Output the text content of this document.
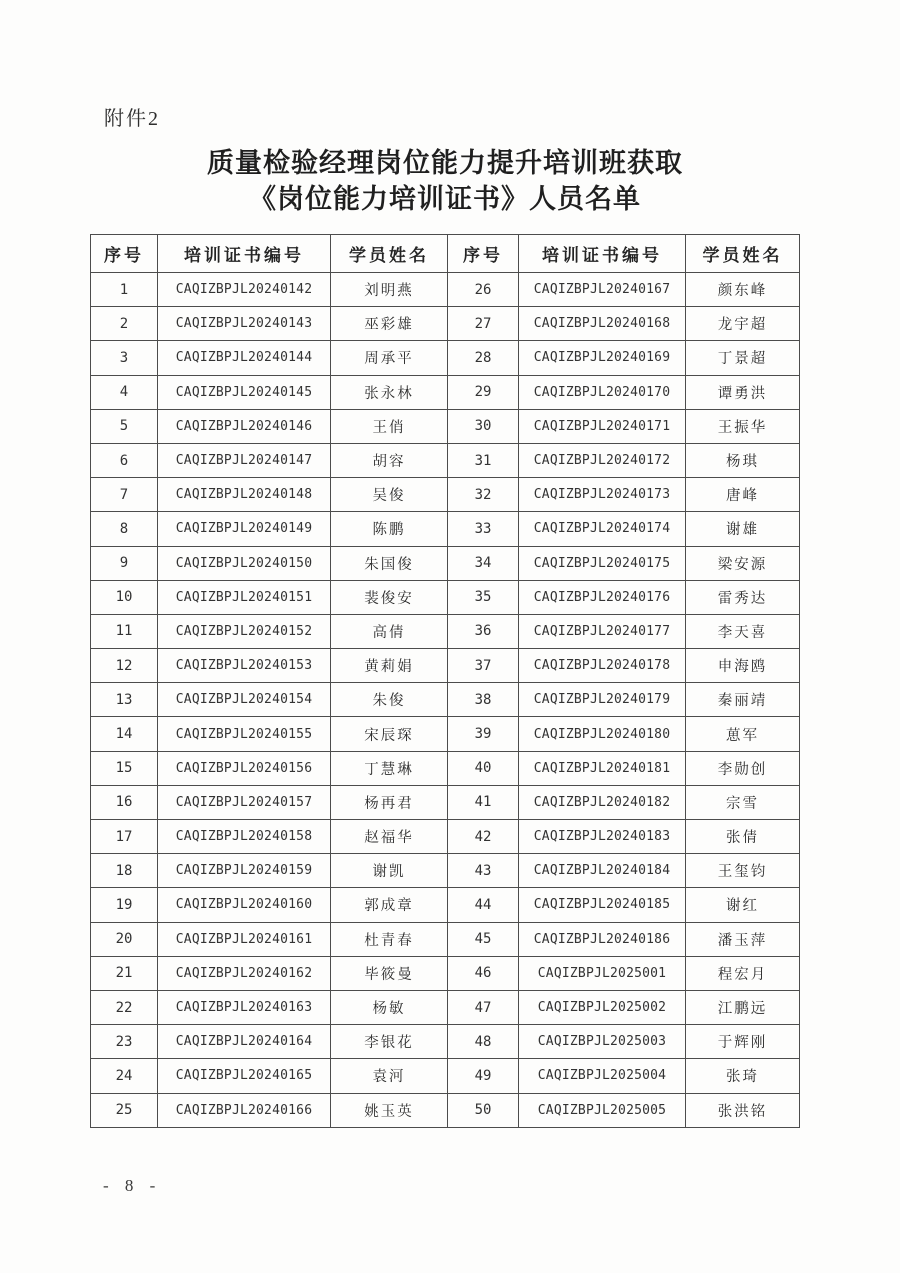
附件2
质量检验经理岗位能力提升培训班获取
《岗位能力培训证书》人员名单
序号	培训证书编号	学员姓名	序号	培训证书编号	学员姓名
1	CAQIZBPJL20240142	刘明燕	26	CAQIZBPJL20240167	颜东峰
2	CAQIZBPJL20240143	巫彩雄	27	CAQIZBPJL20240168	龙宇超
3	CAQIZBPJL20240144	周承平	28	CAQIZBPJL20240169	丁景超
4	CAQIZBPJL20240145	张永林	29	CAQIZBPJL20240170	谭勇洪
5	CAQIZBPJL20240146	王俏	30	CAQIZBPJL20240171	王振华
6	CAQIZBPJL20240147	胡容	31	CAQIZBPJL20240172	杨琪
7	CAQIZBPJL20240148	吴俊	32	CAQIZBPJL20240173	唐峰
8	CAQIZBPJL20240149	陈鹏	33	CAQIZBPJL20240174	谢雄
9	CAQIZBPJL20240150	朱国俊	34	CAQIZBPJL20240175	梁安源
10	CAQIZBPJL20240151	裴俊安	35	CAQIZBPJL20240176	雷秀达
11	CAQIZBPJL20240152	高倩	36	CAQIZBPJL20240177	李天喜
12	CAQIZBPJL20240153	黄莉娟	37	CAQIZBPJL20240178	申海鸥
13	CAQIZBPJL20240154	朱俊	38	CAQIZBPJL20240179	秦丽靖
14	CAQIZBPJL20240155	宋辰琛	39	CAQIZBPJL20240180	葸军
15	CAQIZBPJL20240156	丁慧琳	40	CAQIZBPJL20240181	李勋创
16	CAQIZBPJL20240157	杨再君	41	CAQIZBPJL20240182	宗雪
17	CAQIZBPJL20240158	赵福华	42	CAQIZBPJL20240183	张倩
18	CAQIZBPJL20240159	谢凯	43	CAQIZBPJL20240184	王玺钧
19	CAQIZBPJL20240160	郭成章	44	CAQIZBPJL20240185	谢红
20	CAQIZBPJL20240161	杜青春	45	CAQIZBPJL20240186	潘玉萍
21	CAQIZBPJL20240162	毕筱曼	46	CAQIZBPJL2025001	程宏月
22	CAQIZBPJL20240163	杨敏	47	CAQIZBPJL2025002	江鹏远
23	CAQIZBPJL20240164	李银花	48	CAQIZBPJL2025003	于辉刚
24	CAQIZBPJL20240165	袁河	49	CAQIZBPJL2025004	张琦
25	CAQIZBPJL20240166	姚玉英	50	CAQIZBPJL2025005	张洪铭
- 8 -
